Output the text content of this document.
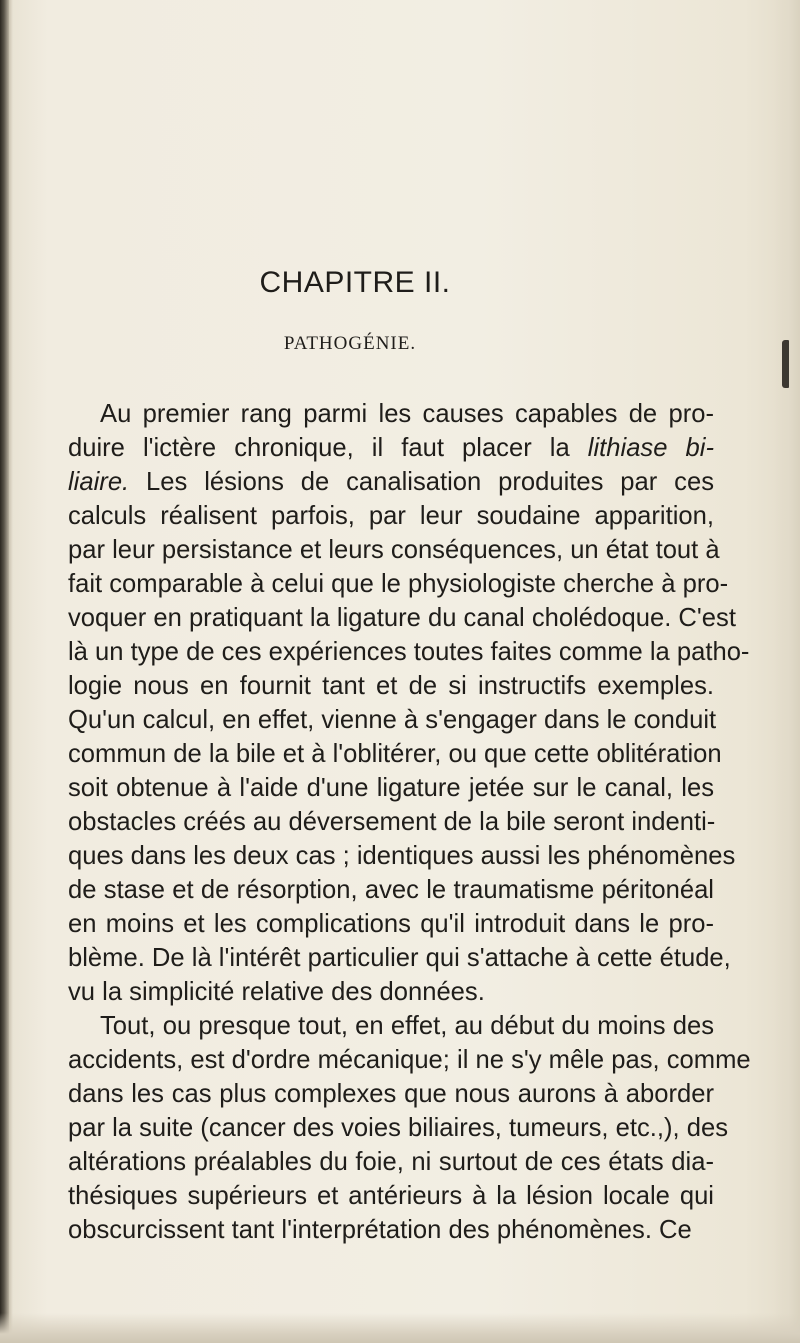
CHAPITRE II.
PATHOGÉNIE.
Au premier rang parmi les causes capables de pro-
duire l'ictère chronique, il faut placer la lithiase bi-
liaire. Les lésions de canalisation produites par ces
calculs réalisent parfois, par leur soudaine apparition,
par leur persistance et leurs conséquences, un état tout à
fait comparable à celui que le physiologiste cherche à pro-
voquer en pratiquant la ligature du canal cholédoque. C'est
là un type de ces expériences toutes faites comme la patho-
logie nous en fournit tant et de si instructifs exemples.
Qu'un calcul, en effet, vienne à s'engager dans le conduit
commun de la bile et à l'oblitérer, ou que cette oblitération
soit obtenue à l'aide d'une ligature jetée sur le canal, les
obstacles créés au déversement de la bile seront indenti-
ques dans les deux cas ; identiques aussi les phénomènes
de stase et de résorption, avec le traumatisme péritonéal
en moins et les complications qu'il introduit dans le pro-
blème. De là l'intérêt particulier qui s'attache à cette étude,
vu la simplicité relative des données.
Tout, ou presque tout, en effet, au début du moins des
accidents, est d'ordre mécanique; il ne s'y mêle pas, comme
dans les cas plus complexes que nous aurons à aborder
par la suite (cancer des voies biliaires, tumeurs, etc.,), des
altérations préalables du foie, ni surtout de ces états dia-
thésiques supérieurs et antérieurs à la lésion locale qui
obscurcissent tant l'interprétation des phénomènes. Ce
